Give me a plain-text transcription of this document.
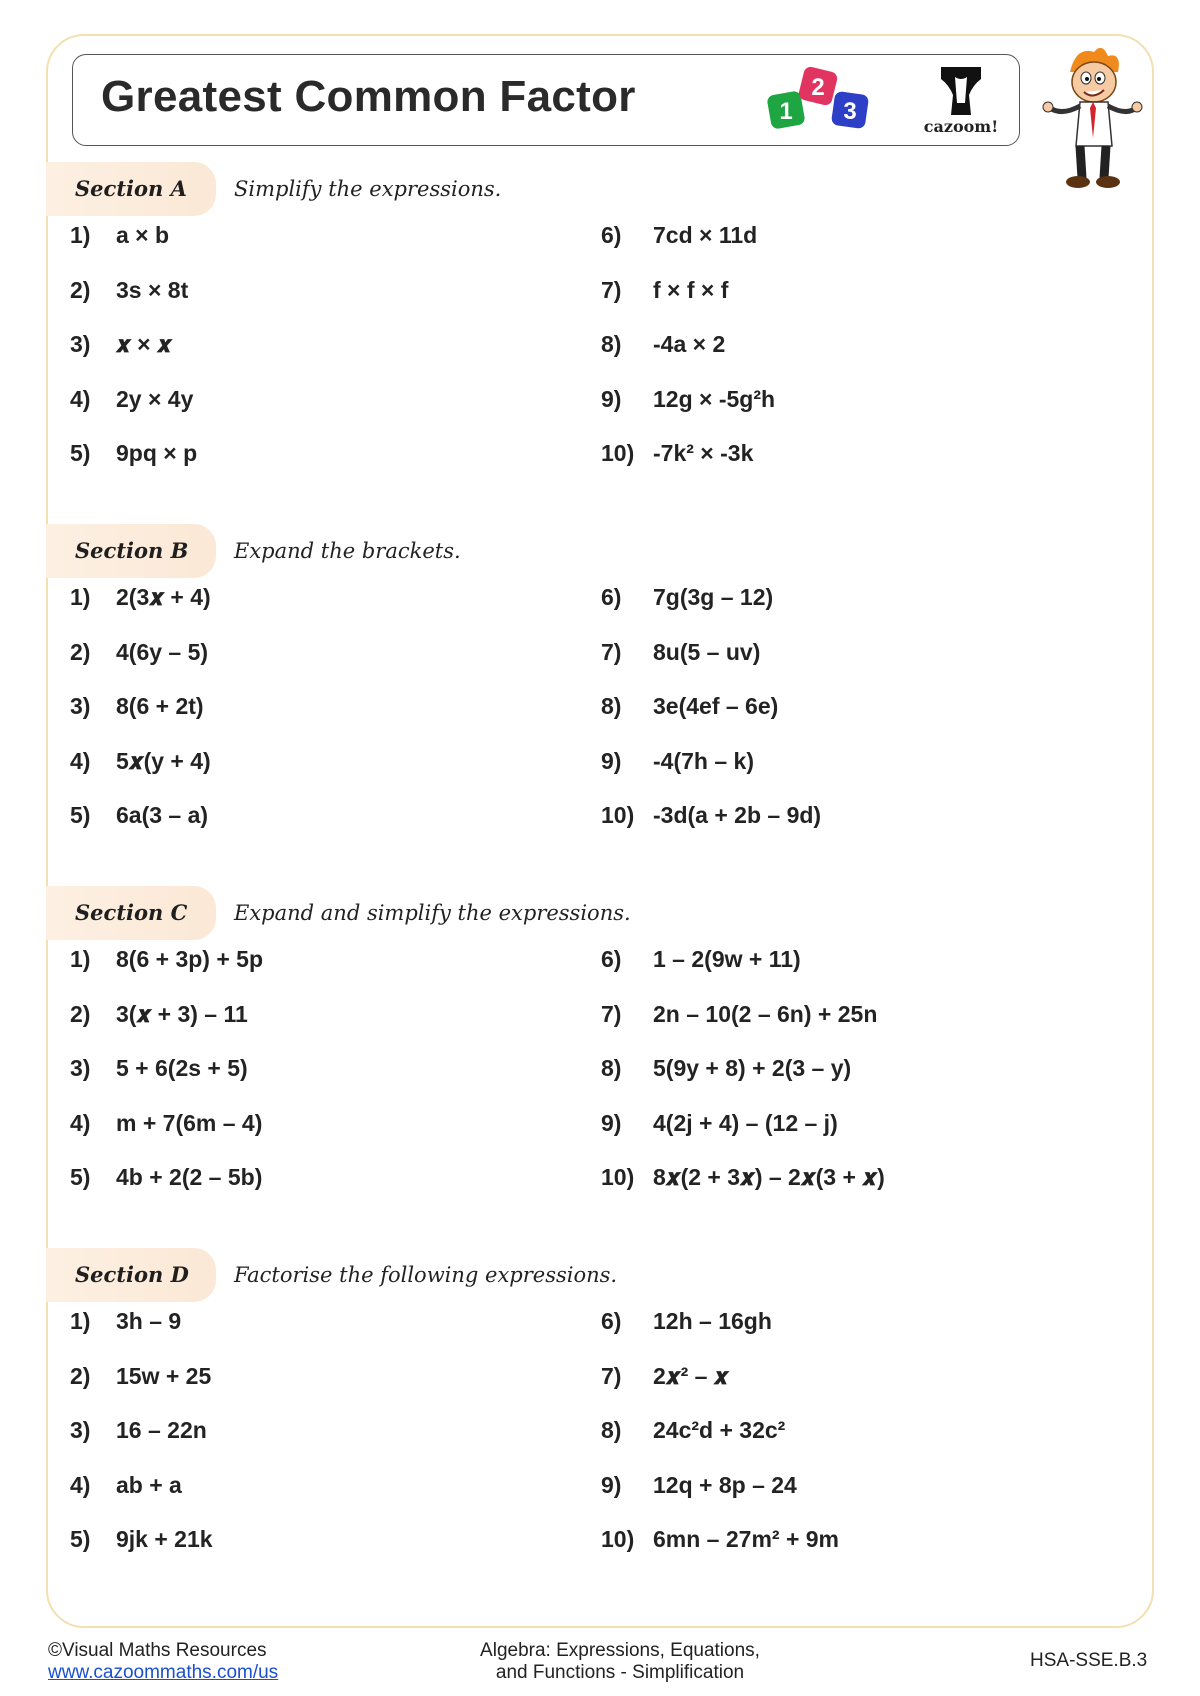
Greatest Common Factor	1
2
3
cazoom!
Section A Simplify the expressions.
1) a × b
2) 3s × 8t
3) 𝒙 × 𝒙
4) 2y × 4y
5) 9pq × p
6) 7cd × 11d
7) f × f × f
8) -4a × 2
9) 12g × -5g²h
10) -7k² × -3k
Section B Expand the brackets.
1) 2(3𝒙 + 4)
2) 4(6y – 5)
3) 8(6 + 2t)
4) 5𝒙(y + 4)
5) 6a(3 – a)
6) 7g(3g – 12)
7) 8u(5 – uv)
8) 3e(4ef – 6e)
9) -4(7h – k)
10) -3d(a + 2b – 9d)
Section C Expand and simplify the expressions.
1) 8(6 + 3p) + 5p
2) 3(𝒙 + 3) – 11
3) 5 + 6(2s + 5)
4) m + 7(6m – 4)
5) 4b + 2(2 – 5b)
6) 1 – 2(9w + 11)
7) 2n – 10(2 – 6n) + 25n
8) 5(9y + 8) + 2(3 – y)
9) 4(2j + 4) – (12 – j)
10) 8𝒙(2 + 3𝒙) – 2𝒙(3 + 𝒙)
Section D Factorise the following expressions.
1) 3h – 9
2) 15w + 25
3) 16 – 22n
4) ab + a
5) 9jk + 21k
6) 12h – 16gh
7) 2𝒙² – 𝒙
8) 24c²d + 32c²
9) 12q + 8p – 24
10) 6mn – 27m² + 9m
©Visual Maths Resources
www.cazoommaths.com/us
Algebra: Expressions, Equations,
and Functions - Simplification
HSA-SSE.B.3
